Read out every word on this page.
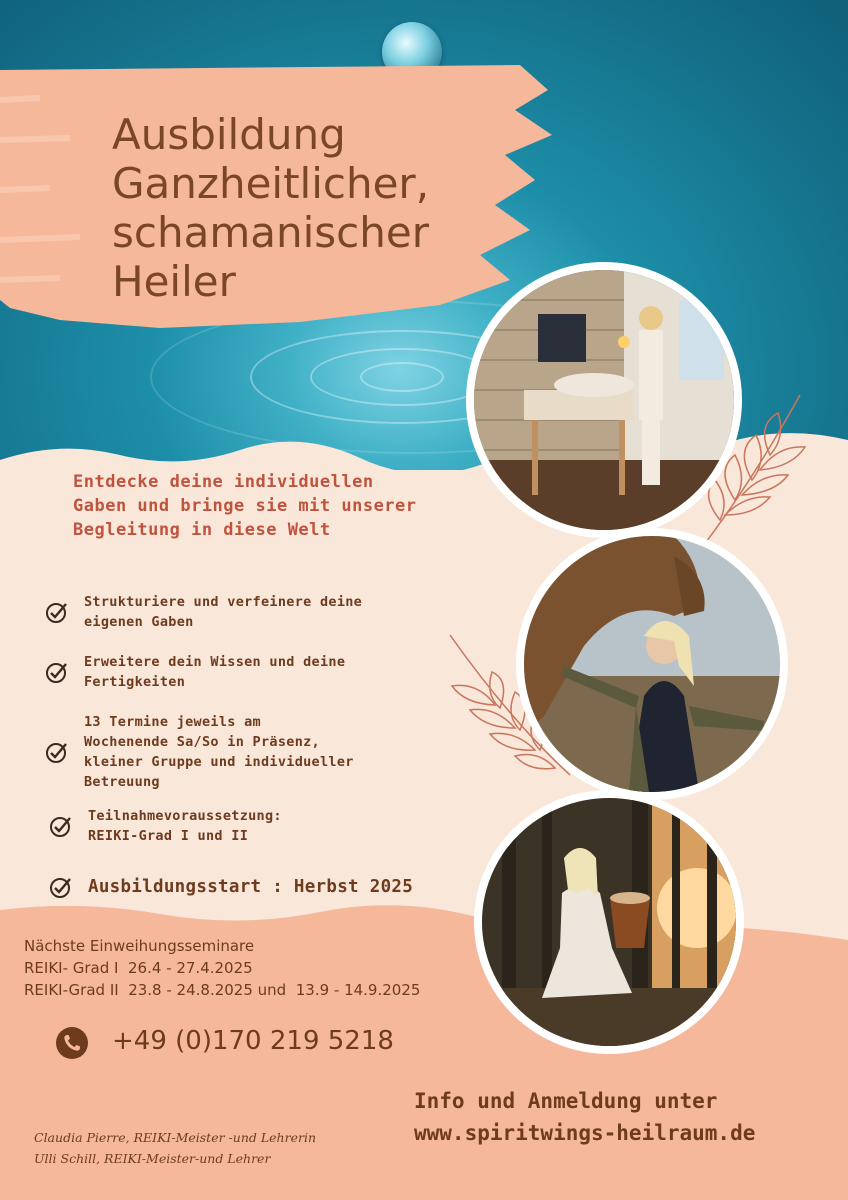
Ausbildung
Ganzheitlicher,
schamanischer
Heiler

Entdecke deine individuellen Gaben und bringe sie mit unserer Begleitung in diese Welt

Strukturiere und verfeinere deine
eigenen Gaben
Erweitere dein Wissen und deine
Fertigkeiten
13 Termine jeweils am
Wochenende Sa/So in Präsenz,
kleiner Gruppe und individueller
Betreuung
Teilnahmevoraussetzung:
REIKI-Grad I und II
Ausbildungsstart : Herbst 2025
Nächste Einweihungsseminare
REIKI- Grad I  26.4 - 27.4.2025
REIKI-Grad II  23.8 - 24.8.2025 und  13.9 - 14.9.2025
+49 (0)170 219 5218
Info und Anmeldung unter
www.spiritwings-heilraum.de
Claudia Pierre, REIKI-Meister -und Lehrerin
Ulli Schill, REIKI-Meister-und Lehrer
